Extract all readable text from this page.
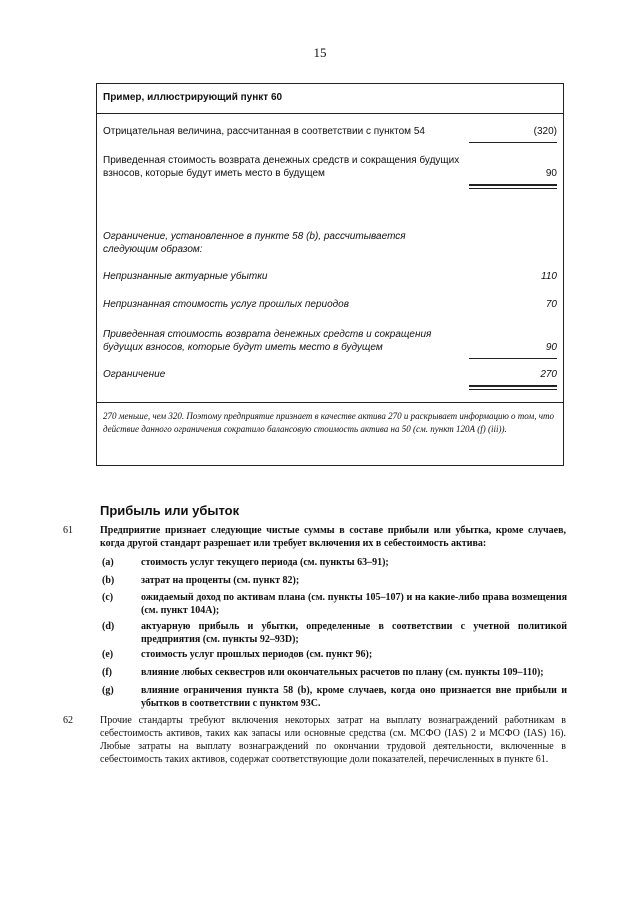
15
Пример, иллюстрирующий пункт 60
Отрицательная величина, рассчитанная в соответствии с пунктом 54	(320)
Приведенная стоимость возврата денежных средств и сокращения будущих взносов, которые будут иметь место в будущем	90
Ограничение, установленное в пункте 58 (b), рассчитывается следующим образом:
Непризнанные актуарные убытки	110
Непризнанная стоимость услуг прошлых периодов	70
Приведенная стоимость возврата денежных средств и сокращения будущих взносов, которые будут иметь место в будущем	90
Ограничение	270
270 меньше, чем 320. Поэтому предприятие признает в качестве актива 270 и раскрывает информацию о том, что действие данного ограничения сократило балансовую стоимость актива на 50 (см. пункт 120А (f) (iii)).
Прибыль или убыток
61	Предприятие признает следующие чистые суммы в составе прибыли или убытка, кроме случаев, когда другой стандарт разрешает или требует включения их в себестоимость актива:
(a)	стоимость услуг текущего периода (см. пункты 63–91);
(b)	затрат на проценты (см. пункт 82);
(c)	ожидаемый доход по активам плана (см. пункты 105–107) и на какие-либо права возмещения (см. пункт 104А);
(d)	актуарную прибыль и убытки, определенные в соответствии с учетной политикой предприятия (см. пункты 92–93D);
(e)	стоимость услуг прошлых периодов (см. пункт 96);
(f)	влияние любых секвестров или окончательных расчетов по плану (см. пункты 109–110);
(g)	влияние ограничения пункта 58 (b), кроме случаев, когда оно признается вне прибыли и убытков в соответствии с пунктом 93С.
62	Прочие стандарты требуют включения некоторых затрат на выплату вознаграждений работникам в себестоимость активов, таких как запасы или основные средства (см. МСФО (IAS) 2 и МСФО (IAS) 16). Любые затраты на выплату вознаграждений по окончании трудовой деятельности, включенные в себестоимость таких активов, содержат соответствующие доли показателей, перечисленных в пункте 61.
